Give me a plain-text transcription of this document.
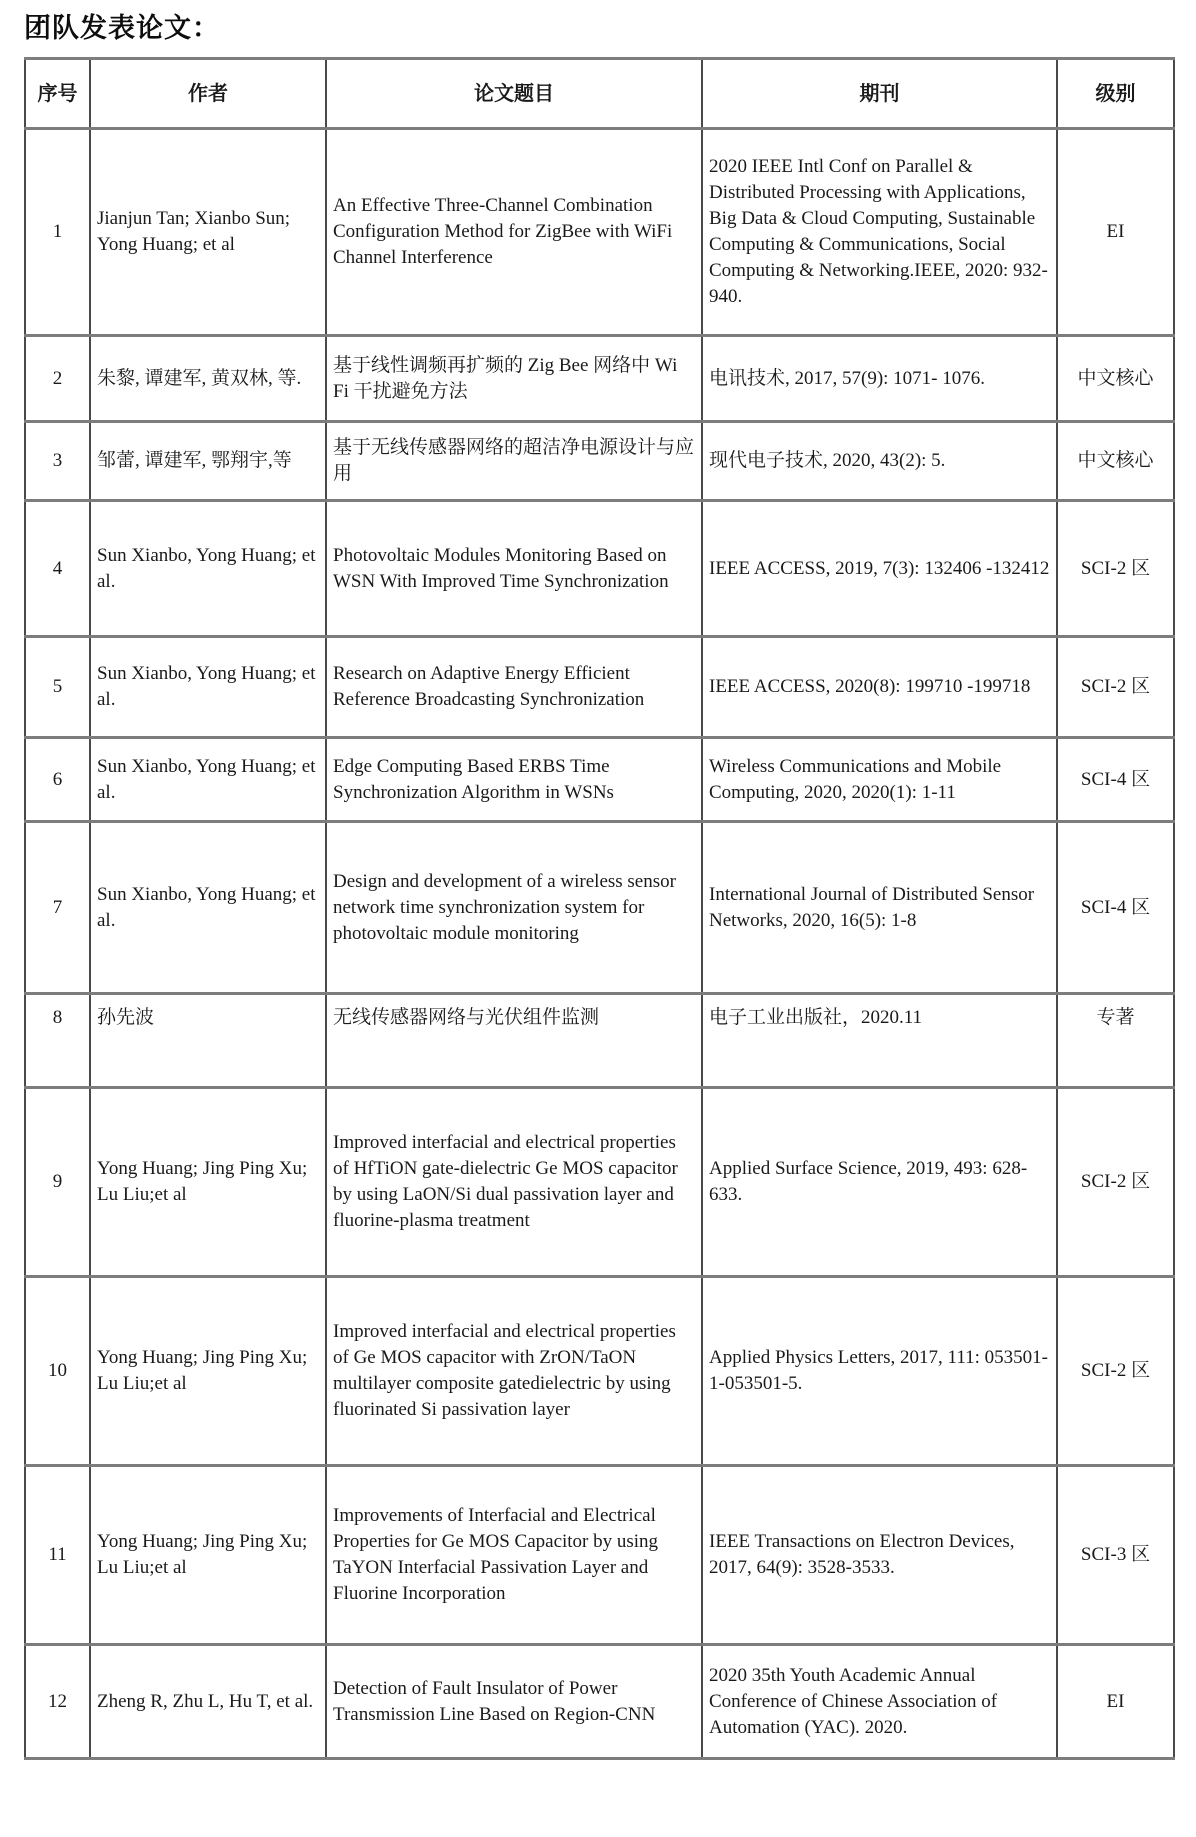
团队发表论文：
序号	作者	论文题目	期刊	级别
1	Jianjun Tan; Xianbo Sun; Yong Huang; et al	An Effective Three-Channel Combination Configuration Method for ZigBee with WiFi Channel Interference	2020 IEEE Intl Conf on Parallel & Distributed Processing with Applications, Big Data & Cloud Computing, Sustainable Computing & Communications, Social Computing & Networking.IEEE, 2020: 932-940.	EI
2	朱黎, 谭建军, 黄双林, 等.	基于线性调频再扩频的 Zig Bee 网络中 Wi Fi 干扰避免方法	电讯技术, 2017, 57(9): 1071- 1076.	中文核心
3	邹蕾, 谭建军, 鄂翔宇,等	基于无线传感器网络的超洁净电源设计与应用	现代电子技术, 2020, 43(2): 5.	中文核心
4	Sun Xianbo, Yong Huang; et al.	Photovoltaic Modules Monitoring Based on WSN With Improved Time Synchronization	IEEE ACCESS, 2019, 7(3): 132406 -132412	SCI-2 区
5	Sun Xianbo, Yong Huang; et al.	Research on Adaptive Energy Efficient Reference Broadcasting Synchronization	IEEE ACCESS, 2020(8): 199710 -199718	SCI-2 区
6	Sun Xianbo, Yong Huang; et al.	Edge Computing Based ERBS Time Synchronization Algorithm in WSNs	Wireless Communications and Mobile Computing, 2020, 2020(1): 1-11	SCI-4 区
7	Sun Xianbo, Yong Huang; et al.	Design and development of a wireless sensor network time synchronization system for photovoltaic module monitoring	International Journal of Distributed Sensor Networks, 2020, 16(5): 1-8	SCI-4 区
8	孙先波	无线传感器网络与光伏组件监测	电子工业出版社，2020.11	专著
9	Yong Huang; Jing Ping Xu; Lu Liu;et al	Improved interfacial and electrical properties of HfTiON gate-dielectric Ge MOS capacitor by using LaON/Si dual passivation layer and fluorine-plasma treatment	Applied Surface Science, 2019, 493: 628-633.	SCI-2 区
10	Yong Huang; Jing Ping Xu; Lu Liu;et al	Improved interfacial and electrical properties of Ge MOS capacitor with ZrON/TaON multilayer composite gatedielectric by using fluorinated Si passivation layer	Applied Physics Letters, 2017, 111: 053501-1-053501-5.	SCI-2 区
11	Yong Huang; Jing Ping Xu; Lu Liu;et al	Improvements of Interfacial and Electrical Properties for Ge MOS Capacitor by using TaYON Interfacial Passivation Layer and Fluorine Incorporation	IEEE Transactions on Electron Devices, 2017, 64(9): 3528-3533.	SCI-3 区
12	Zheng R, Zhu L, Hu T, et al.	Detection of Fault Insulator of Power Transmission Line Based on Region-CNN	2020 35th Youth Academic Annual Conference of Chinese Association of Automation (YAC). 2020.	EI
